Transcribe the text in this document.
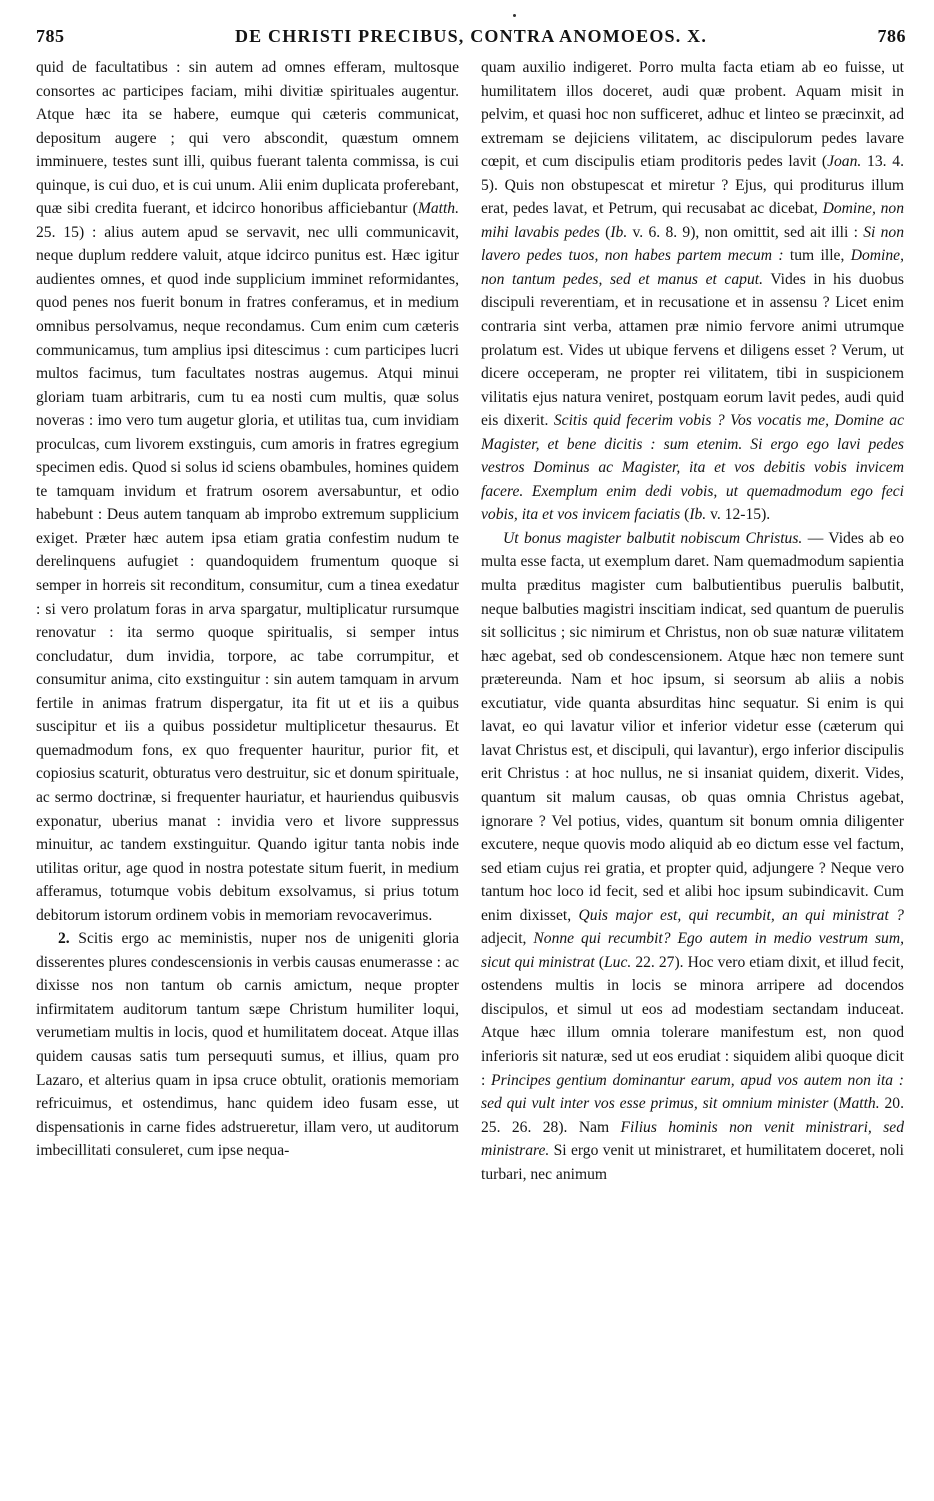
785	DE CHRISTI PRECIBUS, CONTRA ANOMOEOS. X.	786

quid de facultatibus : sin autem ad omnes efferam, multosque consortes ac participes faciam, mihi divitiæ spirituales augentur. Atque hæc ita se habere, eumque qui cæteris communicat, depositum augere ; qui vero abscondit, quæstum omnem imminuere, testes sunt illi, quibus fuerant talenta commissa, is cui quinque, is cui duo, et is cui unum. Alii enim duplicata proferebant, quæ sibi credita fuerant, et idcirco honoribus afficiebantur (Matth. 25. 15) : alius autem apud se servavit, nec ulli communicavit, neque duplum reddere valuit, atque idcirco punitus est. Hæc igitur audientes omnes, et quod inde supplicium imminet reformidantes, quod penes nos fuerit bonum in fratres conferamus, et in medium omnibus persolvamus, neque recondamus. Cum enim cum cæteris communicamus, tum amplius ipsi ditescimus : cum participes lucri multos facimus, tum facultates nostras augemus. Atqui minui gloriam tuam arbitraris, cum tu ea nosti cum multis, quæ solus noveras : imo vero tum augetur gloria, et utilitas tua, cum invidiam proculcas, cum livorem exstinguis, cum amoris in fratres egregium specimen edis. Quod si solus id sciens obambules, homines quidem te tamquam invidum et fratrum osorem aversabuntur, et odio habebunt : Deus autem tanquam ab improbo extremum supplicium exiget. Præter hæc autem ipsa etiam gratia confestim nudum te derelinquens aufugiet : quandoquidem frumentum quoque si semper in horreis sit reconditum, consumitur, cum a tinea exedatur : si vero prolatum foras in arva spargatur, multiplicatur rursumque renovatur : ita sermo quoque spiritualis, si semper intus concludatur, dum invidia, torpore, ac tabe corrumpitur, et consumitur anima, cito exstinguitur : sin autem tamquam in arvum fertile in animas fratrum dispergatur, ita fit ut et iis a quibus suscipitur et iis a quibus possidetur multiplicetur thesaurus. Et quemadmodum fons, ex quo frequenter hauritur, purior fit, et copiosius scaturit, obturatus vero destruitur, sic et donum spirituale, ac sermo doctrinæ, si frequenter hauriatur, et hauriendus quibusvis exponatur, uberius manat : invidia vero et livore suppressus minuitur, ac tandem exstinguitur. Quando igitur tanta nobis inde utilitas oritur, age quod in nostra potestate situm fuerit, in medium afferamus, totumque vobis debitum exsolvamus, si prius totum debitorum istorum ordinem vobis in memoriam revocaverimus.

2. Scitis ergo ac meministis, nuper nos de unigeniti gloria disserentes plures condescensionis in verbis causas enumerasse : ac dixisse nos non tantum ob carnis amictum, neque propter infirmitatem auditorum tantum sæpe Christum humiliter loqui, verumetiam multis in locis, quod et humilitatem doceat. Atque illas quidem causas satis tum persequuti sumus, et illius, quam pro Lazaro, et alterius quam in ipsa cruce obtulit, orationis memoriam refricuimus, et ostendimus, hanc quidem ideo fusam esse, ut dispensationis in carne fides adstrueretur, illam vero, ut auditorum imbecillitati consuleret, cum ipse nequa-

quam auxilio indigeret. Porro multa facta etiam ab eo fuisse, ut humilitatem illos doceret, audi quæ probent. Aquam misit in pelvim, et quasi hoc non sufficeret, adhuc et linteo se præcinxit, ad extremam se dejiciens vilitatem, ac discipulorum pedes lavare cœpit, et cum discipulis etiam proditoris pedes lavit (Joan. 13. 4. 5). Quis non obstupescat et miretur ? Ejus, qui proditurus illum erat, pedes lavat, et Petrum, qui recusabat ac dicebat, Domine, non mihi lavabis pedes (Ib. v. 6. 8. 9), non omittit, sed ait illi : Si non lavero pedes tuos, non habes partem mecum : tum ille, Domine, non tantum pedes, sed et manus et caput. Vides in his duobus discipuli reverentiam, et in recusatione et in assensu ? Licet enim contraria sint verba, attamen præ nimio fervore animi utrumque prolatum est. Vides ut ubique fervens et diligens esset ? Verum, ut dicere occeperam, ne propter rei vilitatem, tibi in suspicionem vilitatis ejus natura veniret, postquam eorum lavit pedes, audi quid eis dixerit. Scitis quid fecerim vobis ? Vos vocatis me, Domine ac Magister, et bene dicitis : sum etenim. Si ergo ego lavi pedes vestros Dominus ac Magister, ita et vos debitis vobis invicem facere. Exemplum enim dedi vobis, ut quemadmodum ego feci vobis, ita et vos invicem faciatis (Ib. v. 12-15).

Ut bonus magister balbutit nobiscum Christus. — Vides ab eo multa esse facta, ut exemplum daret. Nam quemadmodum sapientia multa præditus magister cum balbutientibus puerulis balbutit, neque balbuties magistri inscitiam indicat, sed quantum de puerulis sit sollicitus ; sic nimirum et Christus, non ob suæ naturæ vilitatem hæc agebat, sed ob condescensionem. Atque hæc non temere sunt prætereunda. Nam et hoc ipsum, si seorsum ab aliis a nobis excutiatur, vide quanta absurditas hinc sequatur. Si enim is qui lavat, eo qui lavatur vilior et inferior videtur esse (cæterum qui lavat Christus est, et discipuli, qui lavantur), ergo inferior discipulis erit Christus : at hoc nullus, ne si insaniat quidem, dixerit. Vides, quantum sit malum causas, ob quas omnia Christus agebat, ignorare ? Vel potius, vides, quantum sit bonum omnia diligenter excutere, neque quovis modo aliquid ab eo dictum esse vel factum, sed etiam cujus rei gratia, et propter quid, adjungere ? Neque vero tantum hoc loco id fecit, sed et alibi hoc ipsum subindicavit. Cum enim dixisset, Quis major est, qui recumbit, an qui ministrat ? adjecit, Nonne qui recumbit? Ego autem in medio vestrum sum, sicut qui ministrat (Luc. 22. 27). Hoc vero etiam dixit, et illud fecit, ostendens multis in locis se minora arripere ad docendos discipulos, et simul ut eos ad modestiam sectandam induceat. Atque hæc illum omnia tolerare manifestum est, non quod inferioris sit naturæ, sed ut eos erudiat : siquidem alibi quoque dicit : Principes gentium dominantur earum, apud vos autem non ita : sed qui vult inter vos esse primus, sit omnium minister (Matth. 20. 25. 26. 28). Nam Filius hominis non venit ministrari, sed ministrare. Si ergo venit ut ministraret, et humilitatem doceret, noli turbari, nec animum
